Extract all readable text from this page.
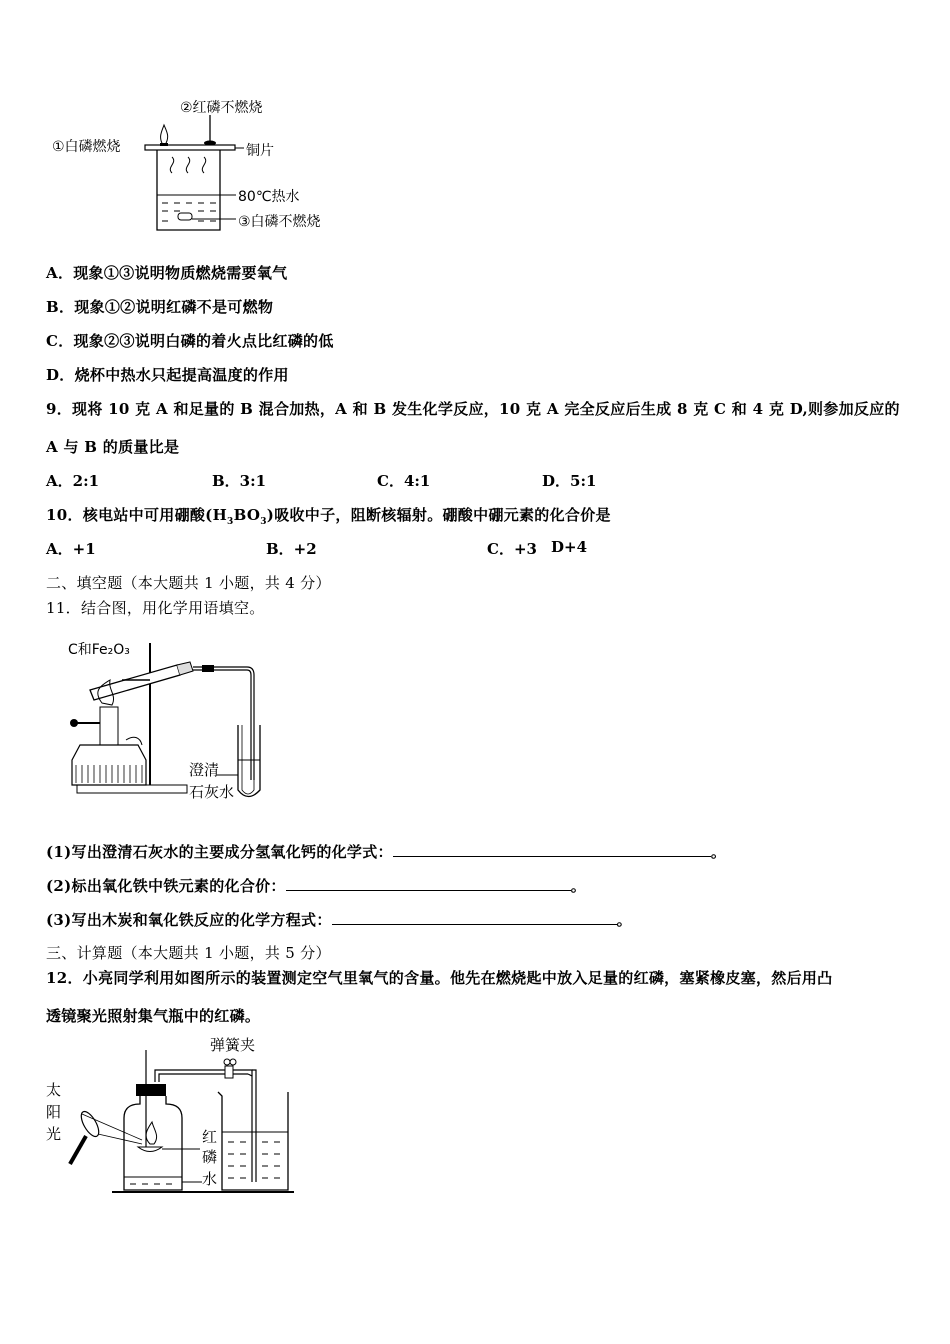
②红磷不燃烧
①白磷燃烧	铜片
80℃热水
③白磷不燃烧
A．现象①③说明物质燃烧需要氧气
B．现象①②说明红磷不是可燃物
C．现象②③说明白磷的着火点比红磷的低
D．烧杯中热水只起提高温度的作用
9．现将 10 克 A 和足量的 B 混合加热，A 和 B 发生化学反应，10 克 A 完全反应后生成 8 克 C 和 4 克 D,则参加反应的
A 与 B 的质量比是
A．2:1	B．3:1	C．4:1	D．5:1
10．核电站中可用硼酸$(H_3BO_3)$吸收中子，阻断核辐射。硼酸中硼元素的化合价是
A．+1	B．+2	C．+3 D+4
二、填空题（本大题共 1 小题，共 4 分）
11．结合图，用化学用语填空。
C和Fe₂O₃
澄清
石灰水
(1)写出澄清石灰水的主要成分氢氧化钙的化学式：	。
(2)标出氧化铁中铁元素的化合价：	。
(3)写出木炭和氧化铁反应的化学方程式：	。
三、计算题（本大题共 1 小题，共 5 分）
12．小亮同学利用如图所示的装置测定空气里氧气的含量。他先在燃烧匙中放入足量的红磷，塞紧橡皮塞，然后用凸
透镜聚光照射集气瓶中的红磷。
弹簧夹
红
磷
水
太
阳
光
